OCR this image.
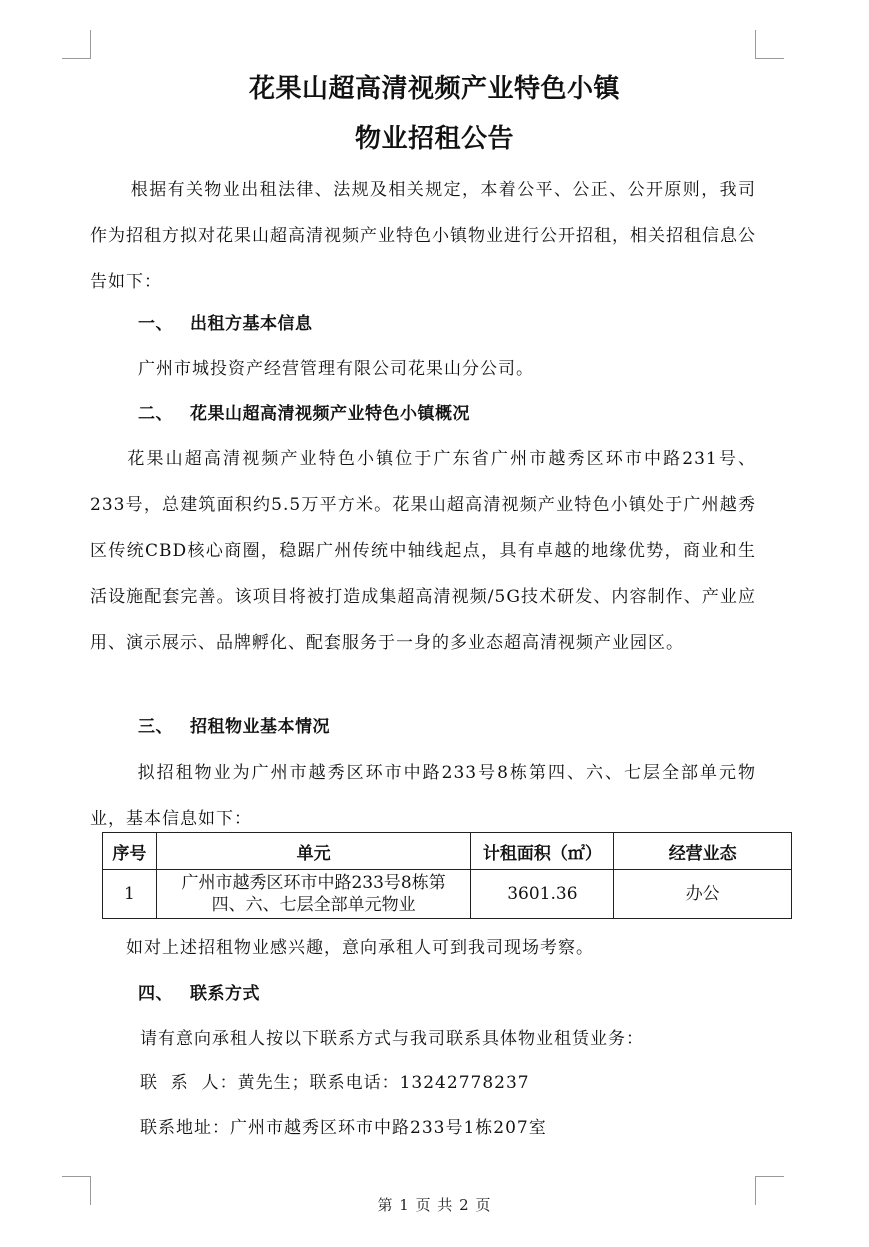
花果山超高清视频产业特色小镇
物业招租公告
根据有关物业出租法律、法规及相关规定，本着公平、公正、公开原则，我司作为招租方拟对花果山超高清视频产业特色小镇物业进行公开招租，相关招租信息公告如下：
一、 出租方基本信息
广州市城投资产经营管理有限公司花果山分公司。
二、 花果山超高清视频产业特色小镇概况
花果山超高清视频产业特色小镇位于广东省广州市越秀区环市中路231号、233号，总建筑面积约5.5万平方米。花果山超高清视频产业特色小镇处于广州越秀区传统CBD核心商圈，稳踞广州传统中轴线起点，具有卓越的地缘优势，商业和生活设施配套完善。该项目将被打造成集超高清视频/5G技术研发、内容制作、产业应用、演示展示、品牌孵化、配套服务于一身的多业态超高清视频产业园区。
三、 招租物业基本情况
拟招租物业为广州市越秀区环市中路233号8栋第四、六、七层全部单元物业，基本信息如下：
序号	单元	计租面积（㎡）	经营业态
1	广州市越秀区环市中路233号8栋第
四、六、七层全部单元物业	3601.36	办公
如对上述招租物业感兴趣，意向承租人可到我司现场考察。
四、 联系方式
请有意向承租人按以下联系方式与我司联系具体物业租赁业务：
联  系  人：黄先生；联系电话：13242778237
联系地址：广州市越秀区环市中路233号1栋207室
第 1 页 共 2 页
